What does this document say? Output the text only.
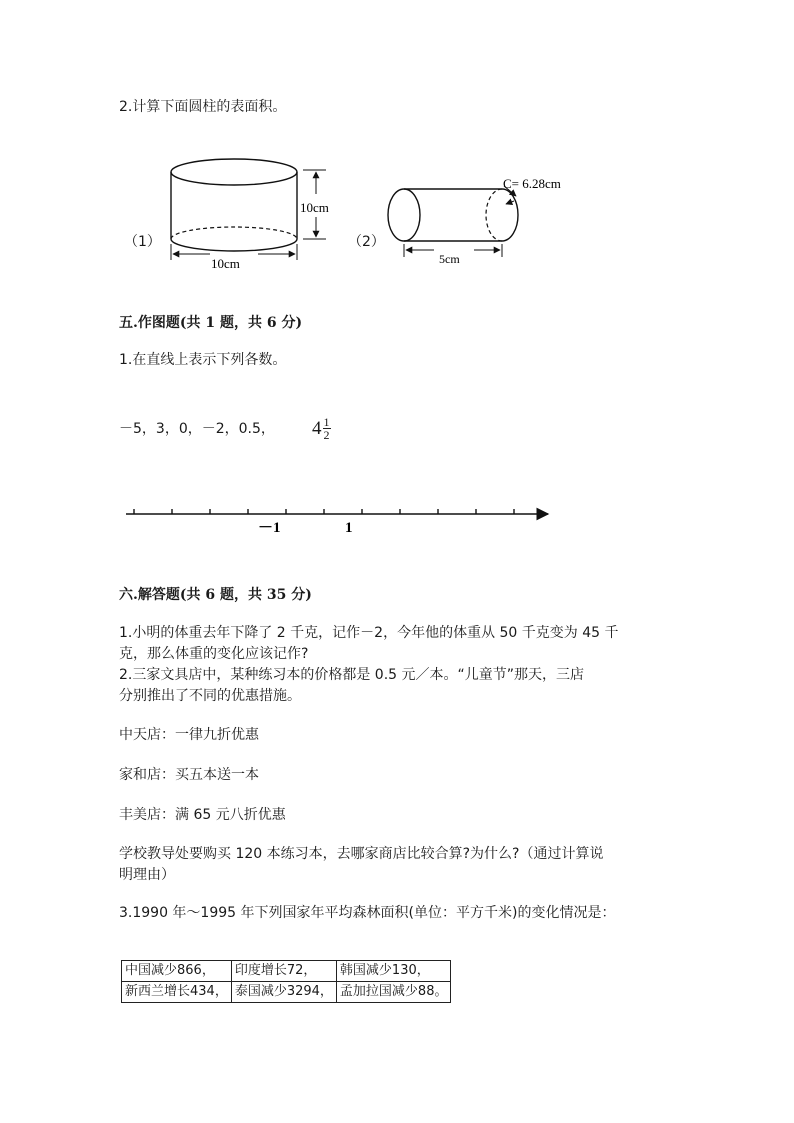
2.计算下面圆柱的表面积。
（1）
10cm
10cm
（2）
C= 6.28cm
5cm
五.作图题(共 1 题，共 6 分)
1.在直线上表示下列各数。
－5，3，0，－2，0.5， 4 1
2
－1	1
六.解答题(共 6 题，共 35 分)
1.小明的体重去年下降了 2 千克，记作－2，今年他的体重从 50 千克变为 45 千
克，那么体重的变化应该记作?
2.三家文具店中，某种练习本的价格都是 0.5 元／本。“儿童节”那天，三店
分别推出了不同的优惠措施。
中天店：一律九折优惠
家和店：买五本送一本
丰美店：满 65 元八折优惠
学校教导处要购买 120 本练习本，去哪家商店比较合算?为什么?（通过计算说
明理由）
3.1990 年～1995 年下列国家年平均森林面积(单位：平方千米)的变化情况是：
中国减少866，	印度增长72，	韩国减少130，
新西兰增长434，	泰国减少3294，	孟加拉国减少88。
